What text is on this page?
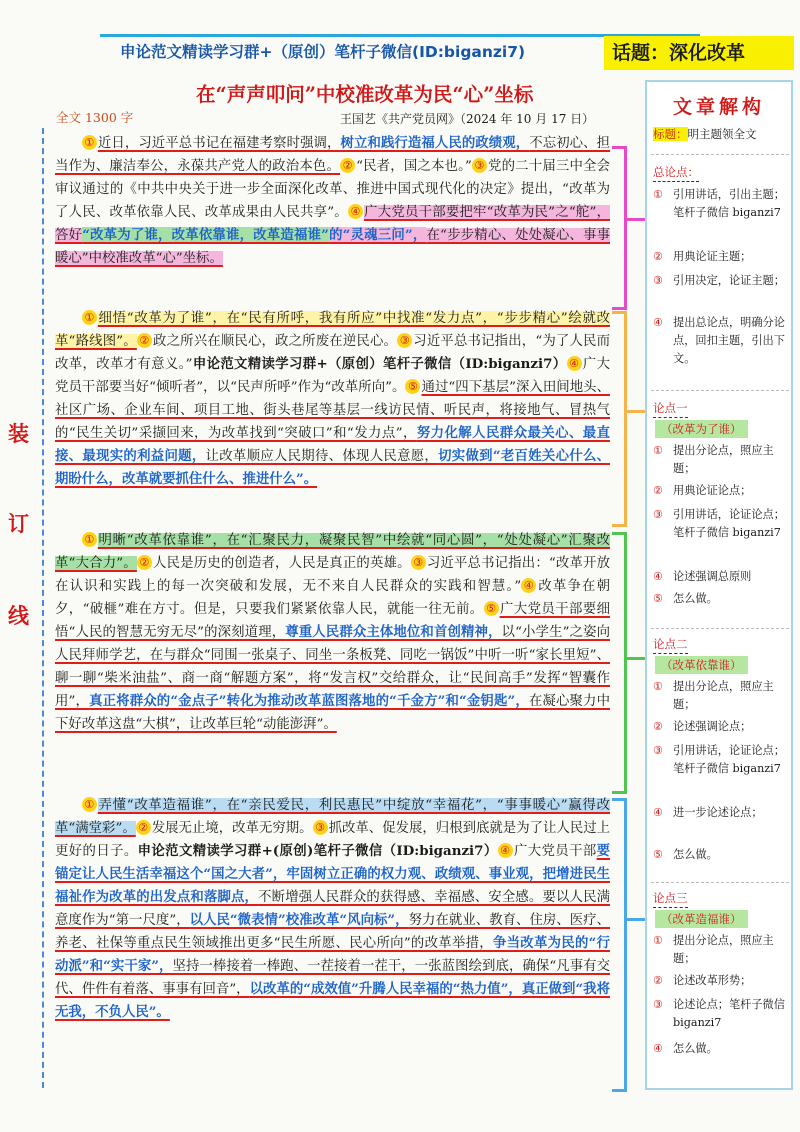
申论范文精读学习群+（原创）笔杆子微信(ID:biganzi7)	话题：深化改革
在“声声叩问”中校准改革为民“心”坐标
全文 1300 字	王国艺《共产党员网》（2024 年 10 月 17 日）
装
订
线
① 近日，习近平总书记在福建考察时强调，树立和践行造福人民的政绩观，不忘初心、担当作为、廉洁奉公，永葆共产党人的政治本色。 ② “民者，国之本也。” ③ 党的二十届三中全会审议通过的《中共中央关于进一步全面深化改革、推进中国式现代化的决定》提出，“改革为了人民、改革依靠人民、改革成果由人民共享”。 ④ 广大党员干部要把牢“改革为民”之“舵”，答好“改革为了谁，改革依靠谁，改革造福谁”的“灵魂三问”，在“步步精心、处处凝心、事事暖心”中校准改革“心”坐标。
① 细悟“改革为了谁”，在“民有所呼，我有所应”中找准“发力点”，“步步精心”绘就改革“路线图”。 ② 政之所兴在顺民心，政之所废在逆民心。 ③ 习近平总书记指出，“为了人民而改革，改革才有意义。”申论范文精读学习群+（原创）笔杆子微信（ID:biganzi7） ④ 广大党员干部要当好“倾听者”，以“民声所呼”作为“改革所向”。 ⑤ 通过“四下基层”深入田间地头、社区广场、企业车间、项目工地、街头巷尾等基层一线访民情、听民声，将接地气、冒热气的“民生关切”采撷回来，为改革找到“突破口”和“发力点”，努力化解人民群众最关心、最直接、最现实的利益问题，让改革顺应人民期待、体现人民意愿，切实做到“老百姓关心什么、期盼什么，改革就要抓住什么、推进什么”。
① 明晰“改革依靠谁”，在“汇聚民力，凝聚民智”中绘就“同心圆”，“处处凝心”汇聚改革“大合力”。 ② 人民是历史的创造者，人民是真正的英雄。 ③ 习近平总书记指出：“改革开放在认识和实践上的每一次突破和发展，无不来自人民群众的实践和智慧。” ④ 改革争在朝夕，“破榧”难在方寸。但是，只要我们紧紧依靠人民，就能一往无前。 ⑤ 广大党员干部要细悟“人民的智慧无穷无尽”的深刻道理，尊重人民群众主体地位和首创精神，以“小学生”之姿向人民拜师学艺，在与群众“同围一张桌子、同坐一条板凳、同吃一锅饭”中听一听“家长里短”、聊一聊“柴米油盐”、商一商“解题方案”，将“发言权”交给群众，让“民间高手”发挥“智囊作用”，真正将群众的“金点子”转化为推动改革蓝图落地的“千金方”和“金钥匙”，在凝心聚力中下好改革这盘“大棋”，让改革巨轮“动能澎湃”。
① 弄懂“改革造福谁”，在“亲民爱民，利民惠民”中绽放“幸福花”，“事事暖心”赢得改革“满堂彩”。 ② 发展无止境，改革无穷期。 ③ 抓改革、促发展，归根到底就是为了让人民过上更好的日子。申论范文精读学习群+(原创)笔杆子微信（ID:biganzi7） ④ 广大党员干部要锚定让人民生活幸福这个“国之大者”，牢固树立正确的权力观、政绩观、事业观，把增进民生福祉作为改革的出发点和落脚点，不断增强人民群众的获得感、幸福感、安全感。要以人民满意度作为“第一尺度”，以人民“微表情”校准改革“风向标”，努力在就业、教育、住房、医疗、养老、社保等重点民生领域推出更多“民生所愿、民心所向”的改革举措，争当改革为民的“行动派”和“实干家”，坚持一棒接着一棒跑、一茬接着一茬干，一张蓝图绘到底，确保“凡事有交代、件件有着落、事事有回音”，以改革的“成效值”升腾人民幸福的“热力值”，真正做到“我将无我，不负人民”。
文章解构
标题：明主题领全文
总论点：
① 引用讲话，引出主题；笔杆子微信 biganzi7
② 用典论证主题；
③ 引用决定，论证主题；
④ 提出总论点，明确分论点，回扣主题，引出下文。
论点一
（改革为了谁）
① 提出分论点，照应主题；
② 用典论证论点；
③ 引用讲话，论证论点；笔杆子微信 biganzi7
④ 论述强调总原则
⑤ 怎么做。
论点二
（改革依靠谁）
① 提出分论点，照应主题；
② 论述强调论点；
③ 引用讲话，论证论点；笔杆子微信 biganzi7
④ 进一步论述论点；
⑤ 怎么做。
论点三
（改革造福谁）
① 提出分论点，照应主题；
② 论述改革形势；
③ 论述论点；笔杆子微信 biganzi7
④ 怎么做。
